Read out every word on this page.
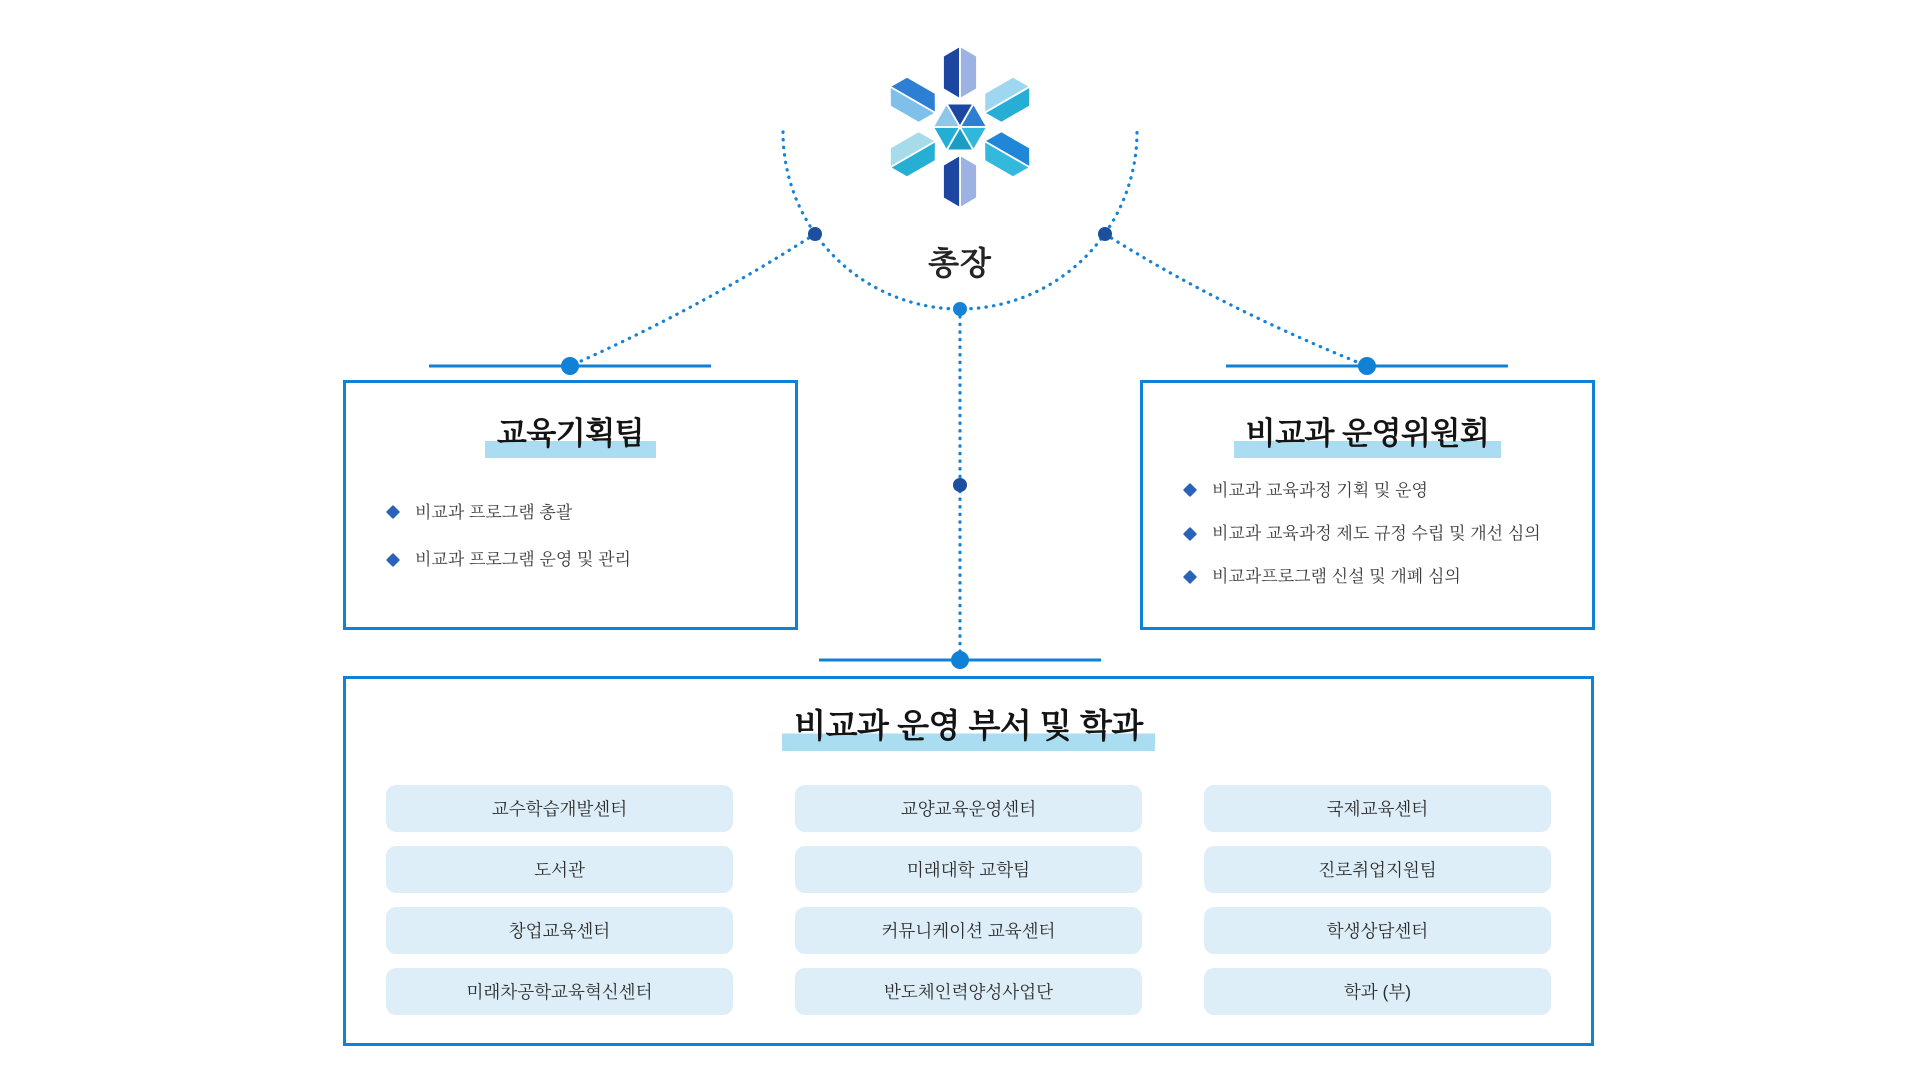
총장
교육기획팀
비교과 프로그램 총괄
비교과 프로그램 운영 및 관리
비교과 운영위원회
비교과 교육과정 기획 및 운영
비교과 교육과정 제도 규정 수립 및 개선 심의
비교과프로그램 신설 및 개폐 심의
비교과 운영 부서 및 학과
교수학습개발센터	교양교육운영센터	국제교육센터
도서관	미래대학 교학팀	진로취업지원팀
창업교육센터	커뮤니케이션 교육센터	학생상담센터
미래차공학교육혁신센터	반도체인력양성사업단	학과 (부)
